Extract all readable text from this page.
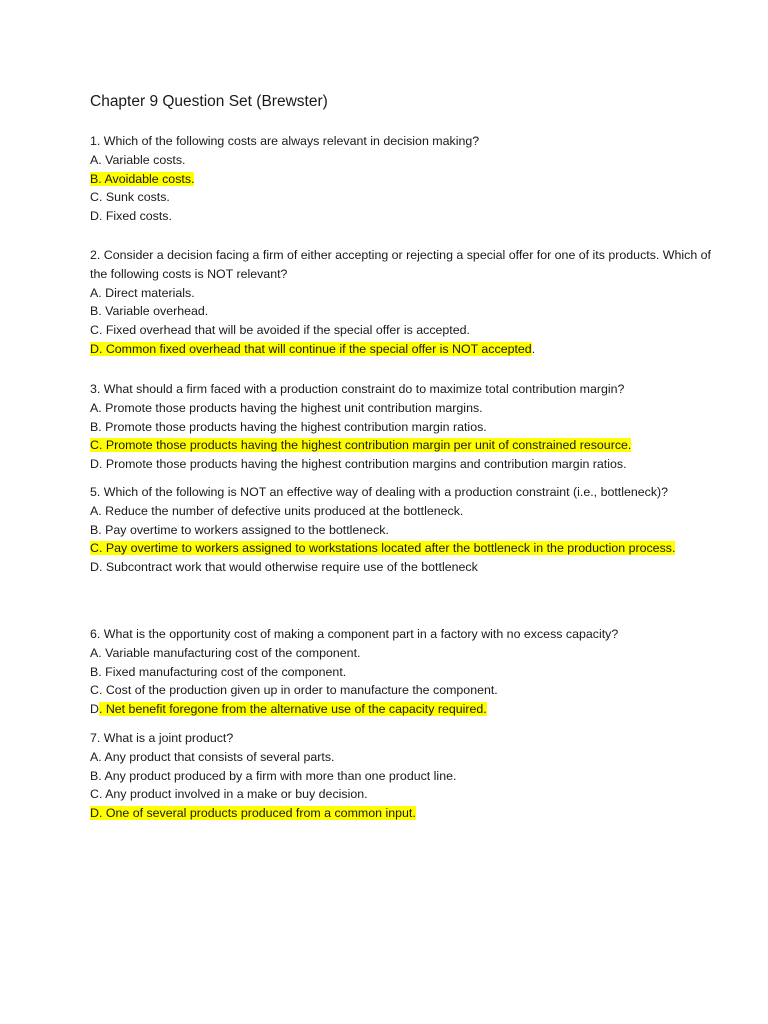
Chapter 9 Question Set (Brewster)

1. Which of the following costs are always relevant in decision making?

A. Variable costs.

B. Avoidable costs.

C. Sunk costs.

D. Fixed costs.

2. Consider a decision facing a firm of either accepting or rejecting a special offer for one of its products. Which of the following costs is NOT relevant?

A. Direct materials.

B. Variable overhead.

C. Fixed overhead that will be avoided if the special offer is accepted.

D. Common fixed overhead that will continue if the special offer is NOT accepted.

3. What should a firm faced with a production constraint do to maximize total contribution margin?

A. Promote those products having the highest unit contribution margins.

B. Promote those products having the highest contribution margin ratios.

C. Promote those products having the highest contribution margin per unit of constrained resource.

D. Promote those products having the highest contribution margins and contribution margin ratios.

5. Which of the following is NOT an effective way of dealing with a production constraint (i.e., bottleneck)?

A. Reduce the number of defective units produced at the bottleneck.

B. Pay overtime to workers assigned to the bottleneck.

C. Pay overtime to workers assigned to workstations located after the bottleneck in the production process.

D. Subcontract work that would otherwise require use of the bottleneck

6. What is the opportunity cost of making a component part in a factory with no excess capacity?

A. Variable manufacturing cost of the component.

B. Fixed manufacturing cost of the component.

C. Cost of the production given up in order to manufacture the component.

D. Net benefit foregone from the alternative use of the capacity required.

7. What is a joint product?

A. Any product that consists of several parts.

B. Any product produced by a firm with more than one product line.

C. Any product involved in a make or buy decision.

D. One of several products produced from a common input.
